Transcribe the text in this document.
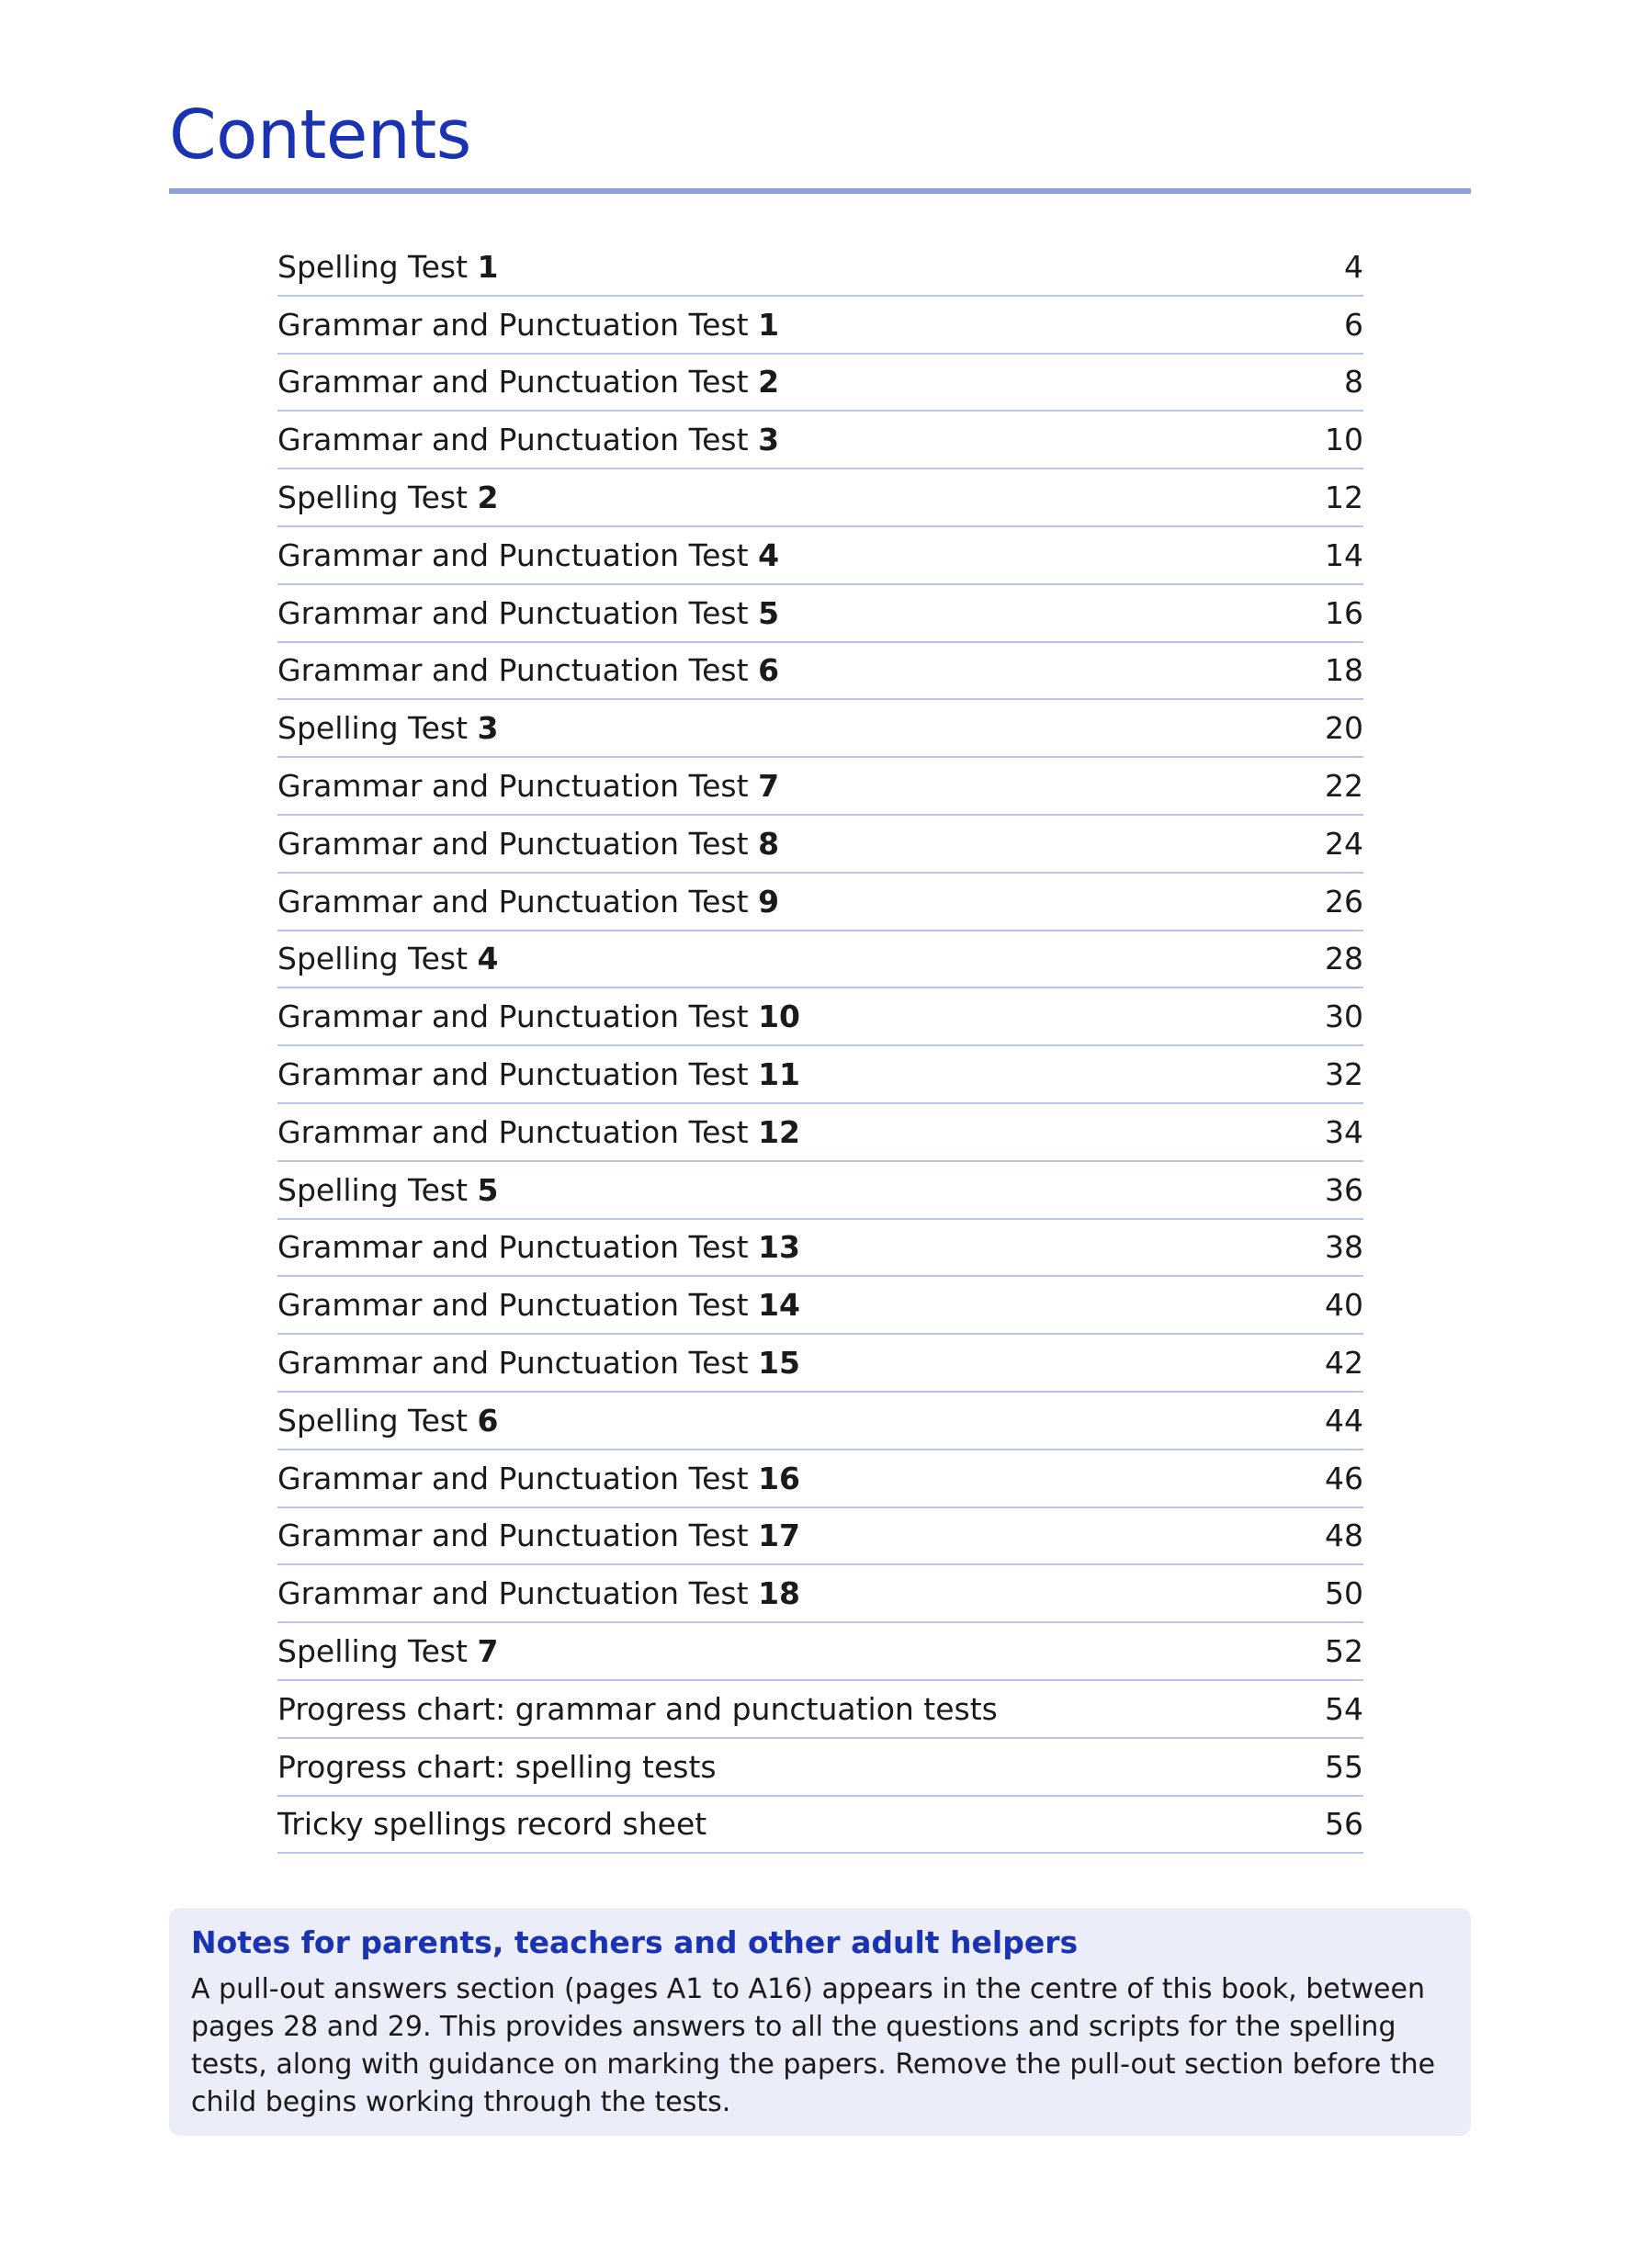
Contents
Spelling Test 1	4
Grammar and Punctuation Test 1	6
Grammar and Punctuation Test 2	8
Grammar and Punctuation Test 3	10
Spelling Test 2	12
Grammar and Punctuation Test 4	14
Grammar and Punctuation Test 5	16
Grammar and Punctuation Test 6	18
Spelling Test 3	20
Grammar and Punctuation Test 7	22
Grammar and Punctuation Test 8	24
Grammar and Punctuation Test 9	26
Spelling Test 4	28
Grammar and Punctuation Test 10	30
Grammar and Punctuation Test 11	32
Grammar and Punctuation Test 12	34
Spelling Test 5	36
Grammar and Punctuation Test 13	38
Grammar and Punctuation Test 14	40
Grammar and Punctuation Test 15	42
Spelling Test 6	44
Grammar and Punctuation Test 16	46
Grammar and Punctuation Test 17	48
Grammar and Punctuation Test 18	50
Spelling Test 7	52
Progress chart: grammar and punctuation tests	54
Progress chart: spelling tests	55
Tricky spellings record sheet	56
Notes for parents, teachers and other adult helpers

A pull-out answers section (pages A1 to A16) appears in the centre of this book, between pages 28 and 29. This provides answers to all the questions and scripts for the spelling tests, along with guidance on marking the papers. Remove the pull-out section before the child begins working through the tests.
